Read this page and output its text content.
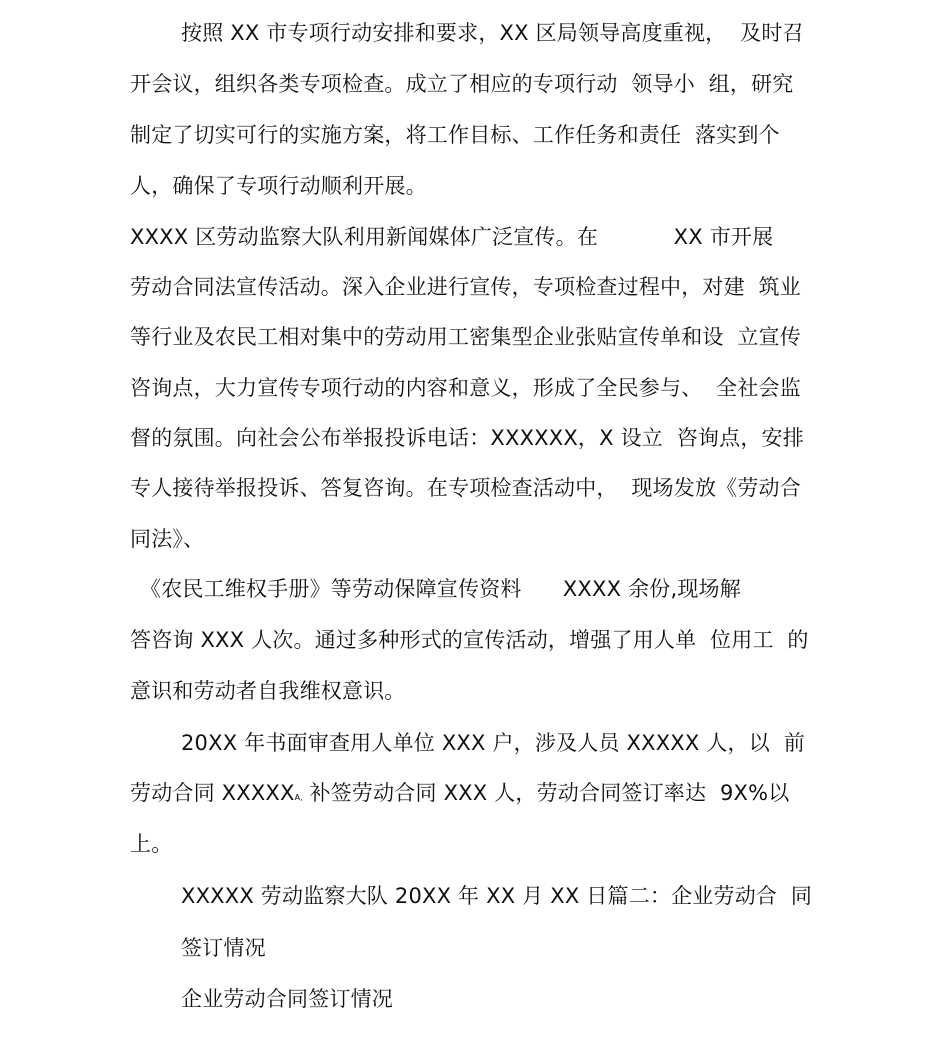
按照 XX 市专项行动安排和要求，XX 区局领导高度重视，  及时召
开会议，组织各类专项检查。成立了相应的专项行动  领导小  组，研究
制定了切实可行的实施方案，将工作目标、工作任务和责任  落实到个
人，确保了专项行动顺利开展。
XXXX 区劳动监察大队利用新闻媒体广泛宣传。在           XX 市开展
劳动合同法宣传活动。深入企业进行宣传，专项检查过程中，对建  筑业
等行业及农民工相对集中的劳动用工密集型企业张贴宣传单和设  立宣传
咨询点，大力宣传专项行动的内容和意义，形成了全民参与、  全社会监
督的氛围。向社会公布举报投诉电话：XXXXXX，X 设立  咨询点，安排
专人接待举报投诉、答复咨询。在专项检查活动中，  现场发放《劳动合
同法》、
《农民工维权手册》等劳动保障宣传资料      XXXX 余份,现场解
答咨询 XXX 人次。通过多种形式的宣传活动，增强了用人单  位用工  的
意识和劳动者自我维权意识。
20XX 年书面审查用人单位 XXX 户，涉及人员 XXXXX 人，以  前
劳动合同 XXXXXA, 补签劳动合同 XXX 人，劳动合同签订率达  9X%以
上。
XXXXX 劳动监察大队 20XX 年 XX 月 XX 日篇二：企业劳动合  同
签订情况
企业劳动合同签订情况
